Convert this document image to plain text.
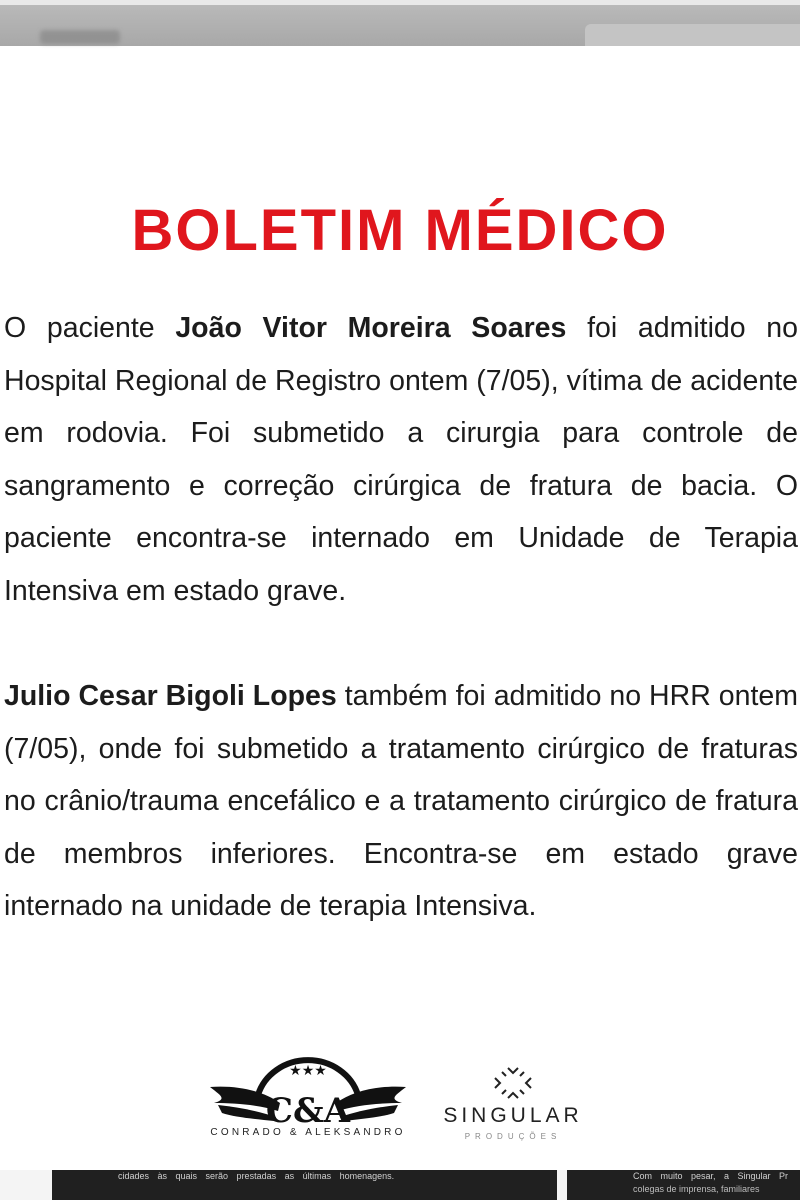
BOLETIM MÉDICO

O paciente João Vitor Moreira Soares foi admitido no Hospital Regional de Registro ontem (7/05), vítima de acidente em rodovia. Foi submetido a cirurgia para controle de sangramento e correção cirúrgica de fratura de bacia. O paciente encontra-se internado em Unidade de Terapia Intensiva em estado grave.

Julio Cesar Bigoli Lopes também foi admitido no HRR ontem (7/05), onde foi submetido a tratamento cirúrgico de fraturas no crânio/trauma encefálico e a tratamento cirúrgico de fratura de membros inferiores. Encontra-se em estado grave internado na unidade de terapia Intensiva.

★★★
C&A
CONRADO & ALEKSANDRO
SINGULAR
PRODUÇÕES
cidades às quais serão prestadas as últimas homenagens.	Com muito pesar, a Singular Pr
colegas de imprensa, familiares
